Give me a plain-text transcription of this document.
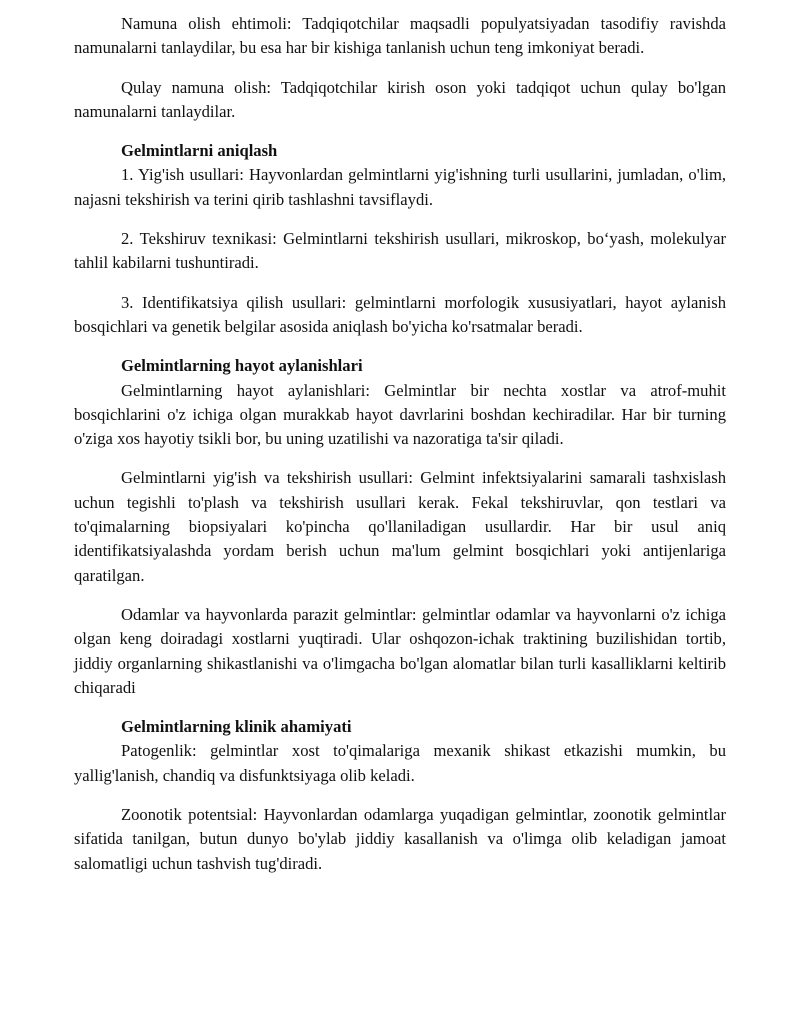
Namuna olish ehtimoli: Tadqiqotchilar maqsadli populyatsiyadan tasodifiy ravishda namunalarni tanlaydilar, bu esa har bir kishiga tanlanish uchun teng imkoniyat beradi.

Qulay namuna olish: Tadqiqotchilar kirish oson yoki tadqiqot uchun qulay bo'lgan namunalarni tanlaydilar.

Gelmintlarni aniqlash

1. Yig'ish usullari: Hayvonlardan gelmintlarni yig'ishning turli usullarini, jumladan, o'lim, najasni tekshirish va terini qirib tashlashni tavsiflaydi.

2. Tekshiruv texnikasi: Gelmintlarni tekshirish usullari, mikroskop, bo‘yash, molekulyar tahlil kabilarni tushuntiradi.

3. Identifikatsiya qilish usullari: gelmintlarni morfologik xususiyatlari, hayot aylanish bosqichlari va genetik belgilar asosida aniqlash bo'yicha ko'rsatmalar beradi.

Gelmintlarning hayot aylanishlari

Gelmintlarning hayot aylanishlari: Gelmintlar bir nechta xostlar va atrof-muhit bosqichlarini o'z ichiga olgan murakkab hayot davrlarini boshdan kechiradilar. Har bir turning o'ziga xos hayotiy tsikli bor, bu uning uzatilishi va nazoratiga ta'sir qiladi.

Gelmintlarni yig'ish va tekshirish usullari: Gelmint infektsiyalarini samarali tashxislash uchun tegishli to'plash va tekshirish usullari kerak. Fekal tekshiruvlar, qon testlari va to'qimalarning biopsiyalari ko'pincha qo'llaniladigan usullardir. Har bir usul aniq identifikatsiyalashda yordam berish uchun ma'lum gelmint bosqichlari yoki antijenlariga qaratilgan.

Odamlar va hayvonlarda parazit gelmintlar: gelmintlar odamlar va hayvonlarni o'z ichiga olgan keng doiradagi xostlarni yuqtiradi. Ular oshqozon-ichak traktining buzilishidan tortib, jiddiy organlarning shikastlanishi va o'limgacha bo'lgan alomatlar bilan turli kasalliklarni keltirib chiqaradi

Gelmintlarning klinik ahamiyati

Patogenlik: gelmintlar xost to'qimalariga mexanik shikast etkazishi mumkin, bu yallig'lanish, chandiq va disfunktsiyaga olib keladi.

Zoonotik potentsial: Hayvonlardan odamlarga yuqadigan gelmintlar, zoonotik gelmintlar sifatida tanilgan, butun dunyo bo'ylab jiddiy kasallanish va o'limga olib keladigan jamoat salomatligi uchun tashvish tug'diradi.
